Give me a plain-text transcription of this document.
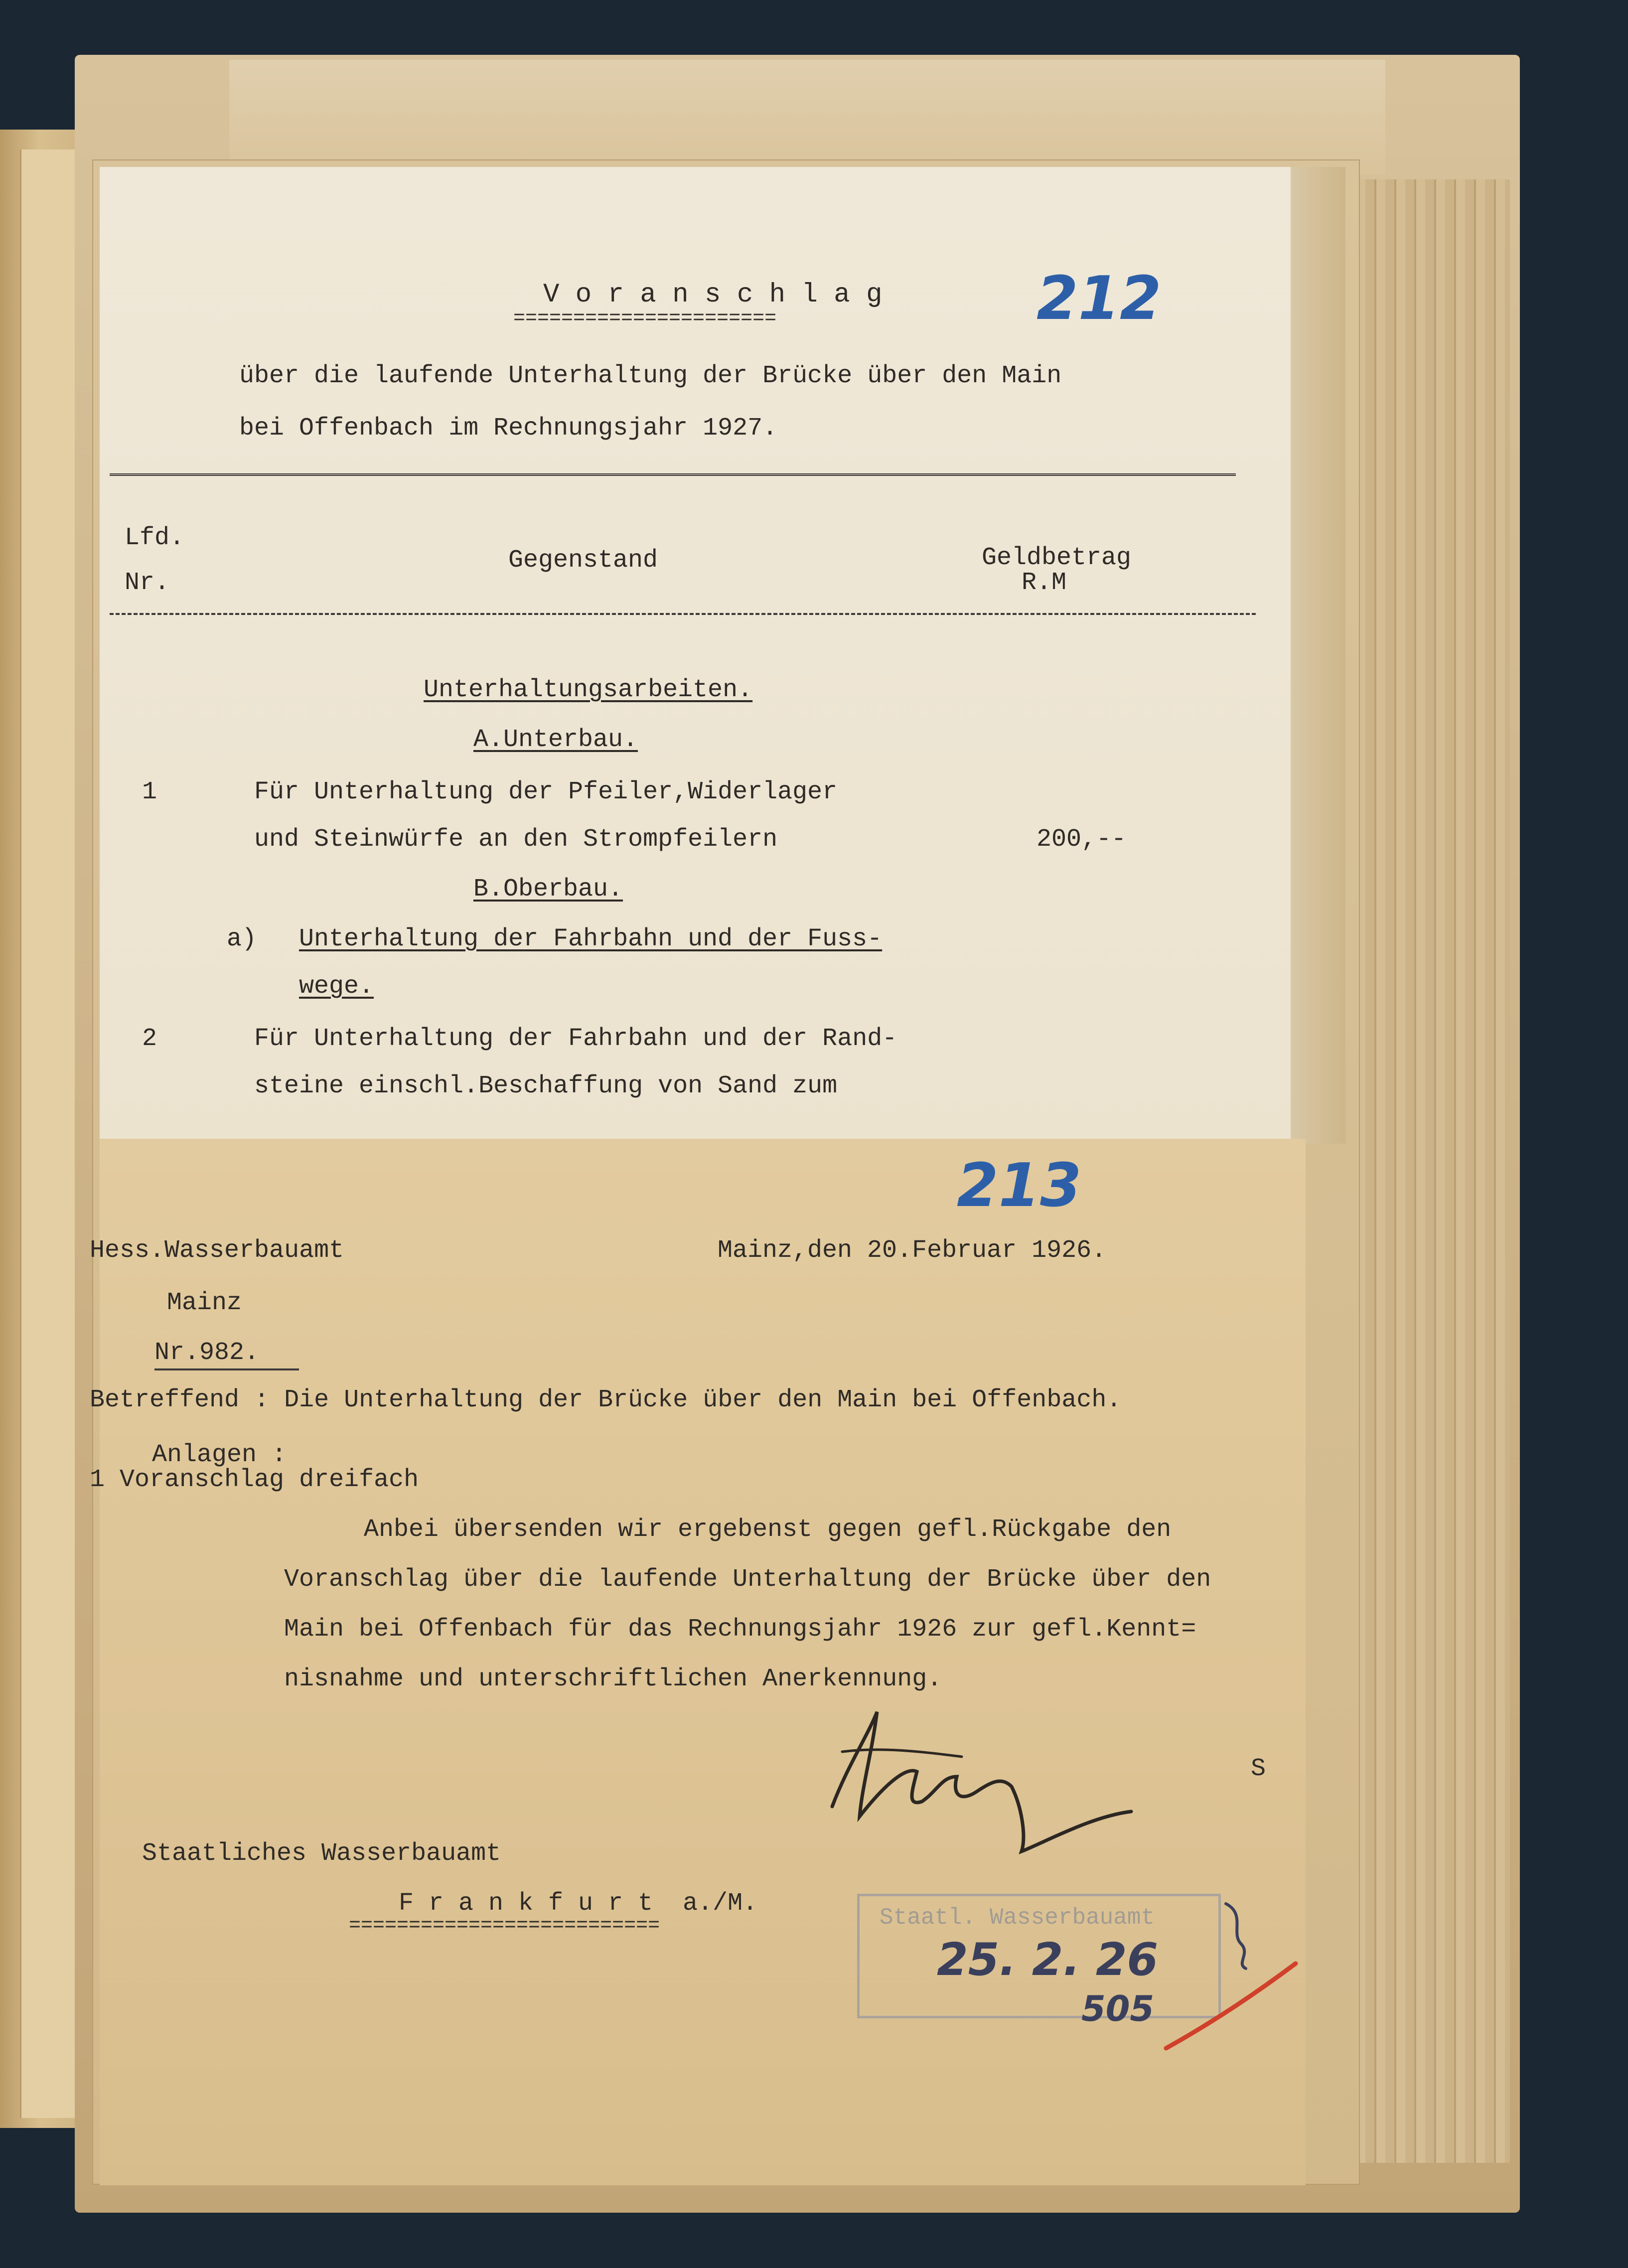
V o r a n s c h l a g
======================	212
über die laufende Unterhaltung der Brücke über den Main
bei Offenbach im Rechnungsjahr 1927.
Lfd.
Nr.
Gegenstand	Geldbetrag
R.M
Unterhaltungsarbeiten.
A.Unterbau.
1	Für Unterhaltung der Pfeiler,Widerlager
und Steinwürfe an den Strompfeilern	200,--
B.Oberbau.
a) Unterhaltung der Fahrbahn und der Fuss-
wege.
2	Für Unterhaltung der Fahrbahn und der Rand-
steine einschl.Beschaffung von Sand zum
213
Hess.Wasserbauamt
Mainz
Nr.982.
Mainz,den 20.Februar 1926.
Betreffend : Die Unterhaltung der Brücke über den Main bei Offenbach.
Anlagen :
1 Voranschlag dreifach
Anbei übersenden wir ergebenst gegen gefl.Rückgabe den
Voranschlag über die laufende Unterhaltung der Brücke über den
Main bei Offenbach für das Rechnungsjahr 1926 zur gefl.Kennt=
nisnahme und unterschriftlichen Anerkennung.
S
Staatliches Wasserbauamt
F r a n k f u r t  a./M.
==========================	Staatl. Wasserbauamt
25. 2. 26
505
